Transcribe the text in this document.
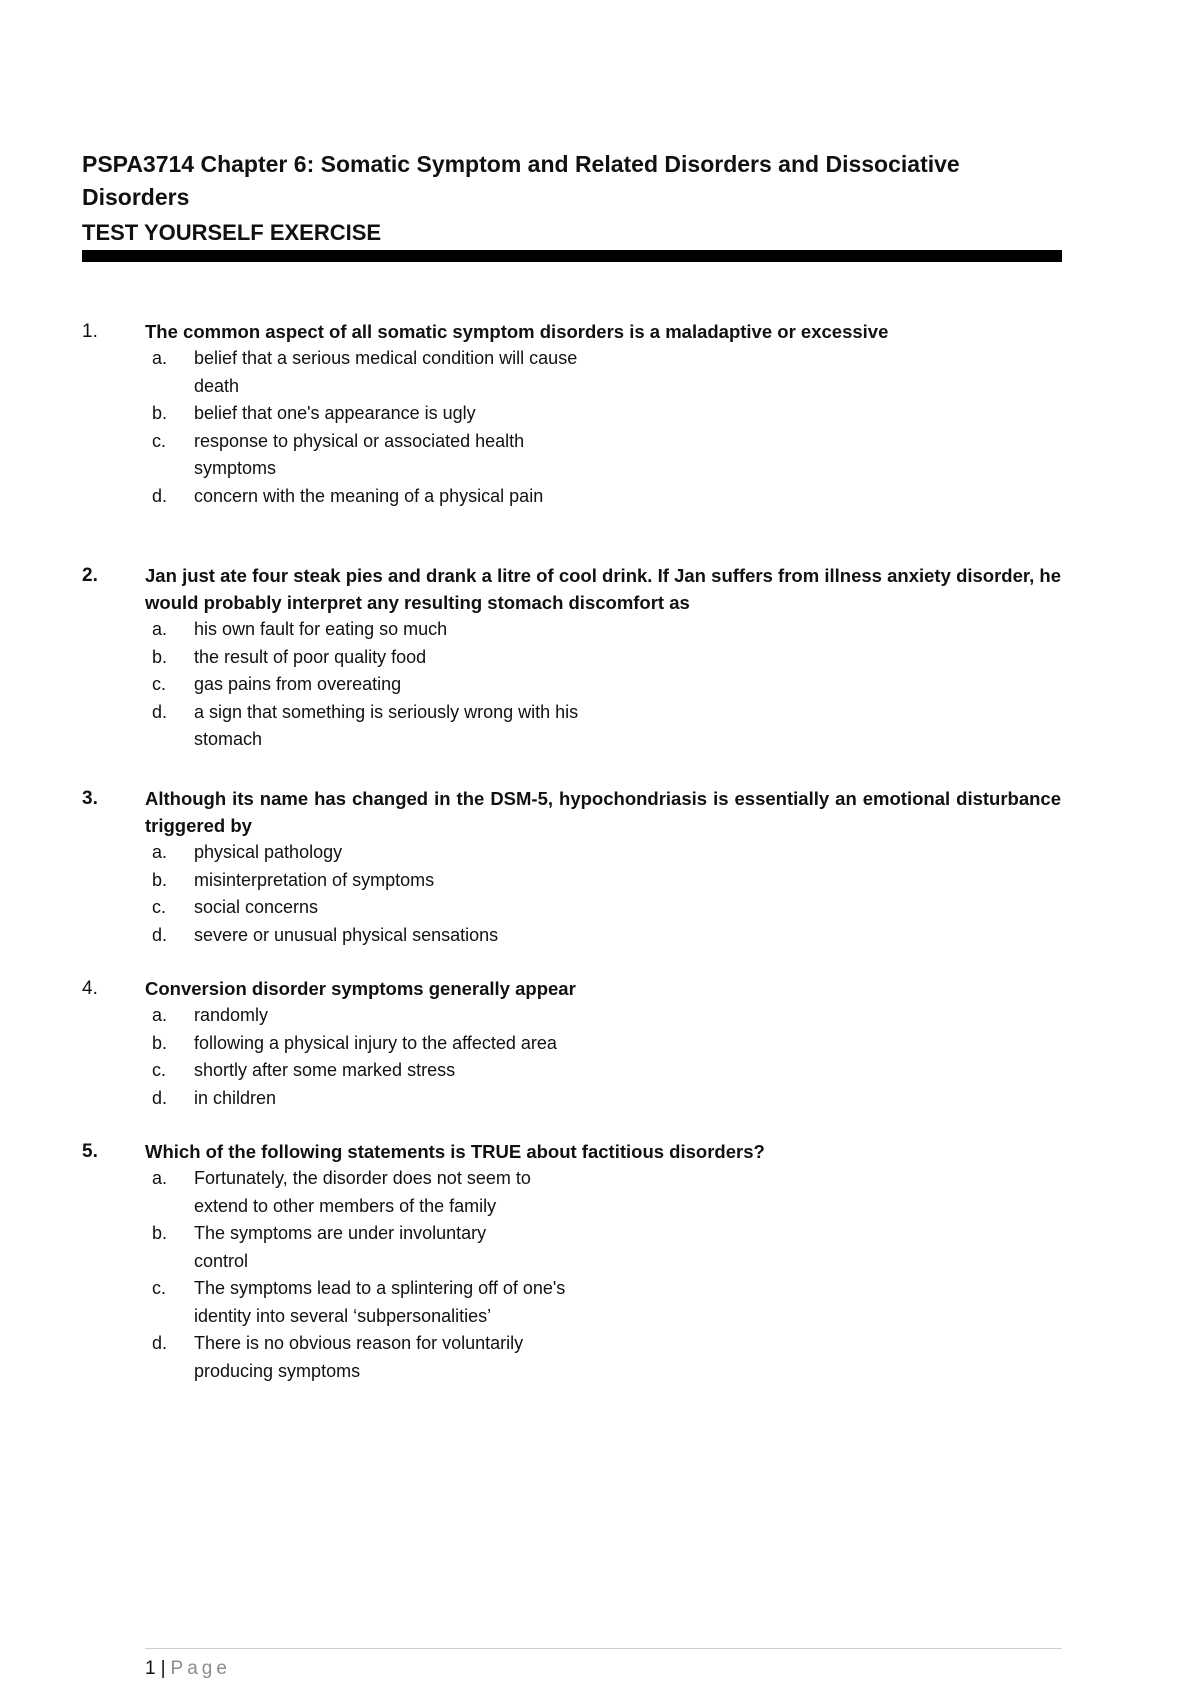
PSPA3714 Chapter 6: Somatic Symptom and Related Disorders and Dissociative Disorders
TEST YOURSELF EXERCISE
1.	The common aspect of all somatic symptom disorders is a maladaptive or excessive
a.	belief that a serious medical condition will cause death
b.	belief that one's appearance is ugly
c.	response to physical or associated health symptoms
d.	concern with the meaning of a physical pain
2.	Jan just ate four steak pies and drank a litre of cool drink. If Jan suffers from illness anxiety disorder, he would probably interpret any resulting stomach discomfort as
a.	his own fault for eating so much
b.	the result of poor quality food
c.	gas pains from overeating
d.	a sign that something is seriously wrong with his stomach
3.	Although its name has changed in the DSM-5, hypochondriasis is essentially an emotional disturbance triggered by
a.	physical pathology
b.	misinterpretation of symptoms
c.	social concerns
d.	severe or unusual physical sensations
4.	Conversion disorder symptoms generally appear
a.	randomly
b.	following a physical injury to the affected area
c.	shortly after some marked stress
d.	in children
5.	Which of the following statements is TRUE about factitious disorders?
a.	Fortunately, the disorder does not seem to extend to other members of the family
b.	The symptoms are under involuntary control
c.	The symptoms lead to a splintering off of one's identity into several ‘subpersonalities’
d.	There is no obvious reason for voluntarily producing symptoms
1 | Page
